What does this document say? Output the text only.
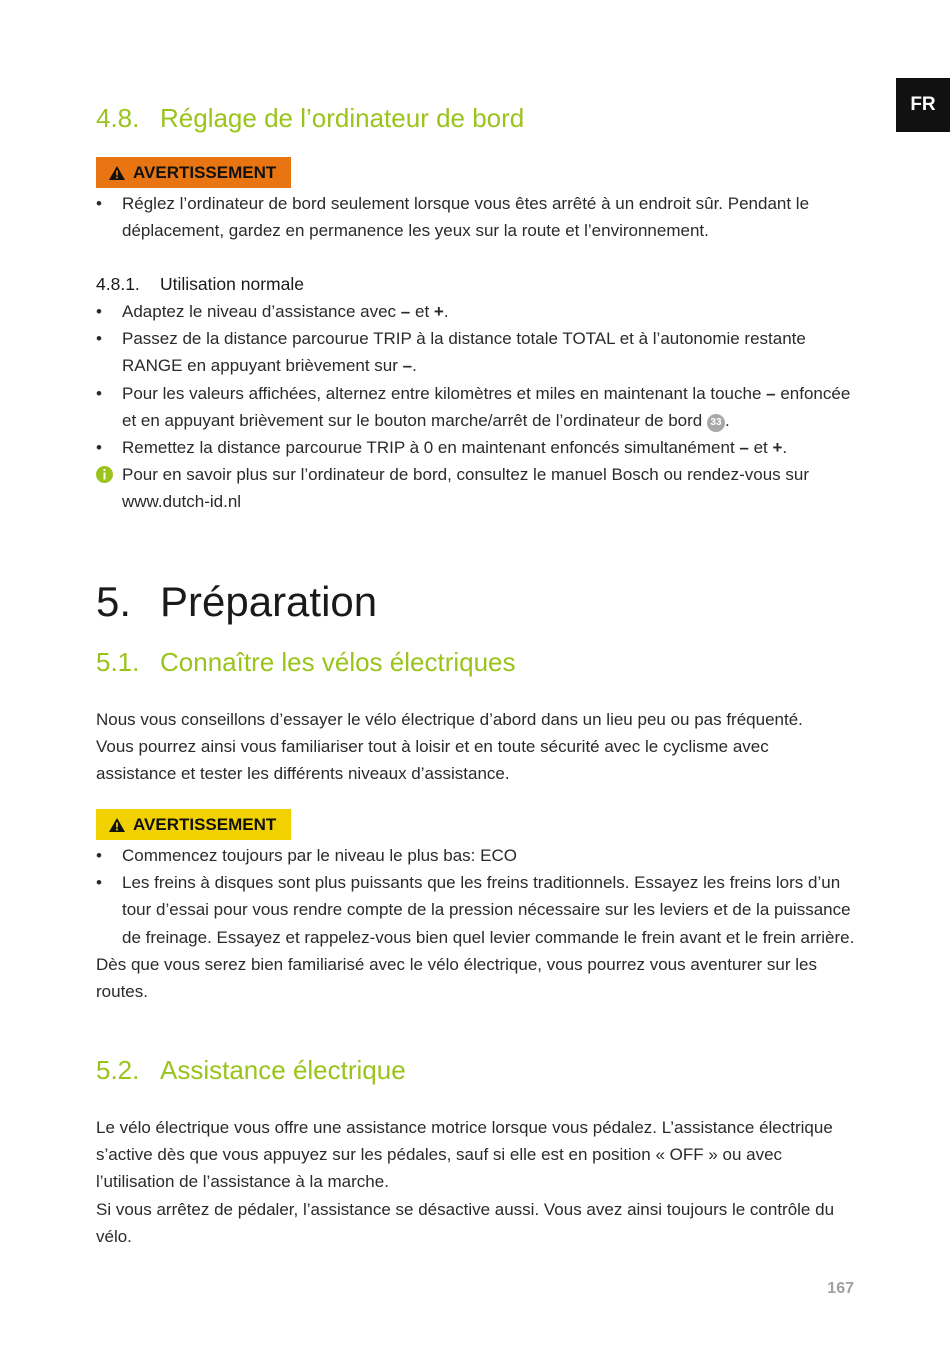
FR
4.8. Réglage de l’ordinateur de bord
AVERTISSEMENT
•	Réglez l’ordinateur de bord seulement lorsque vous êtes arrêté à un endroit sûr. Pendant le déplacement, gardez en permanence les yeux sur la route et l’environnement.
4.8.1. Utilisation normale
•	Adaptez le niveau d’assistance avec – et +.
•	Passez de la distance parcourue TRIP à la distance totale TOTAL et à l’autonomie restante RANGE en appuyant brièvement sur –.
•	Pour les valeurs affichées, alternez entre kilomètres et miles en maintenant la touche – enfoncée et en appuyant brièvement sur le bouton marche/arrêt de l’ordinateur de bord 33 .
•	Remettez la distance parcourue TRIP à 0 en maintenant enfoncés simultanément – et +.
Pour en savoir plus sur l’ordinateur de bord, consultez le manuel Bosch ou rendez-vous sur www.dutch-id.nl
5. Préparation
5.1. Connaître les vélos électriques
Nous vous conseillons d’essayer le vélo électrique d’abord dans un lieu peu ou pas fréquenté. Vous pourrez ainsi vous familiariser tout à loisir et en toute sécurité avec le cyclisme avec assistance et tester les différents niveaux d’assistance.
AVERTISSEMENT
•	Commencez toujours par le niveau le plus bas: ECO
•	Les freins à disques sont plus puissants que les freins traditionnels. Essayez les freins lors d’un tour d’essai pour vous rendre compte de la pression nécessaire sur les leviers et de la puissance de freinage. Essayez et rappelez-vous bien quel levier commande le frein avant et le frein arrière.
Dès que vous serez bien familiarisé avec le vélo électrique, vous pourrez vous aventurer sur les routes.
5.2. Assistance électrique
Le vélo électrique vous offre une assistance motrice lorsque vous pédalez. L’assistance électrique s’active dès que vous appuyez sur les pédales, sauf si elle est en position « OFF » ou avec l’utilisation de l’assistance à la marche.
Si vous arrêtez de pédaler, l’assistance se désactive aussi. Vous avez ainsi toujours le contrôle du vélo.
167
